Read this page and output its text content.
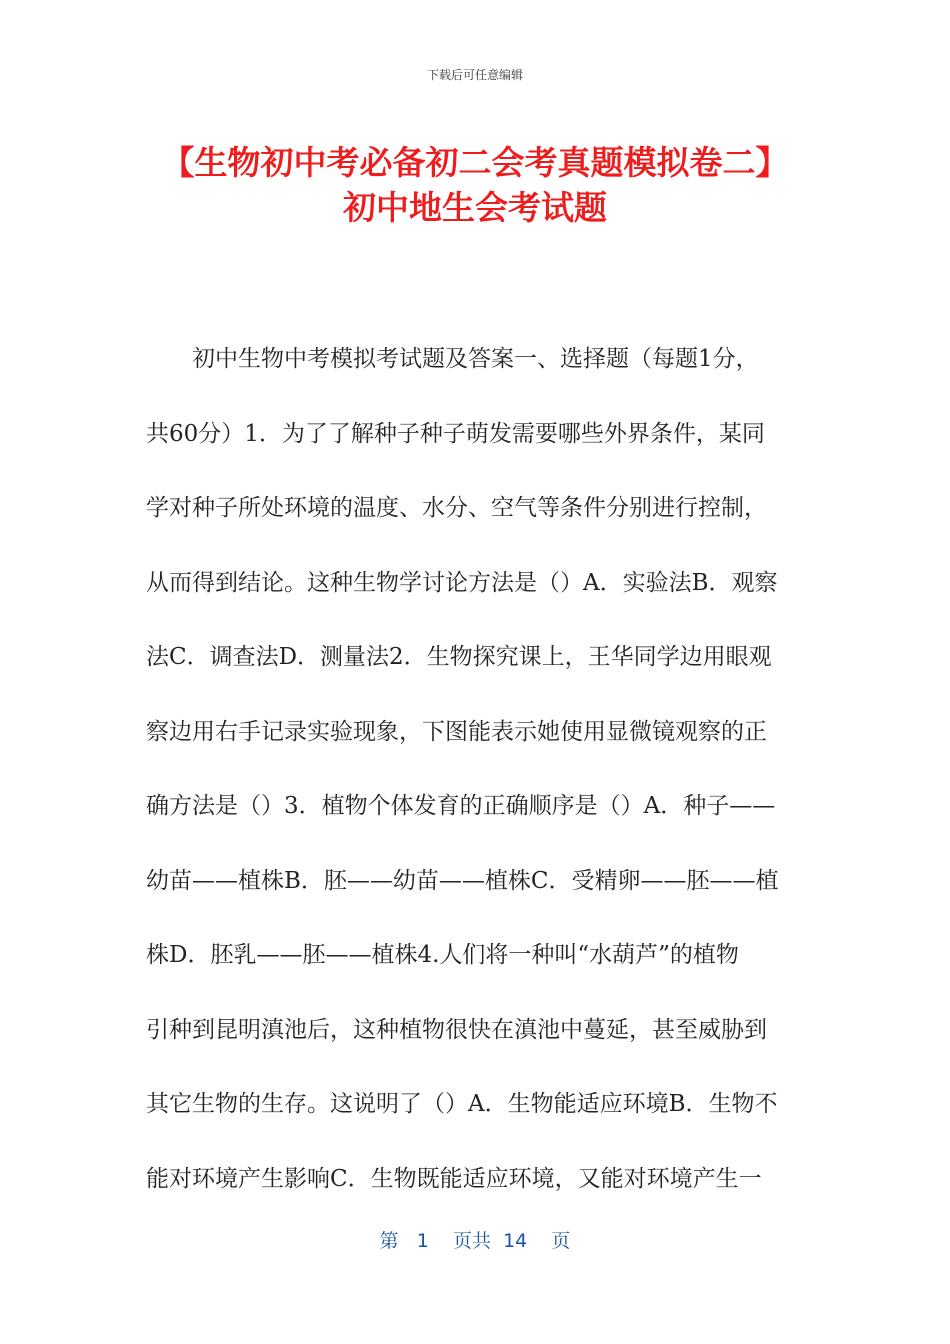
下载后可任意编辑
【生物初中考必备初二会考真题模拟卷二】
初中地生会考试题
初中生物中考模拟考试题及答案一、选择题（每题1分，
共60分）1．为了了解种子种子萌发需要哪些外界条件，某同
学对种子所处环境的温度、水分、空气等条件分别进行控制，
从而得到结论。这种生物学讨论方法是（）A．实验法B．观察
法C．调查法D．测量法2．生物探究课上，王华同学边用眼观
察边用右手记录实验现象，下图能表示她使用显微镜观察的正
确方法是（）3．植物个体发育的正确顺序是（）A．种子——
幼苗——植株B．胚——幼苗——植株C．受精卵——胚——植
株D．胚乳——胚——植株4.人们将一种叫“水葫芦”的植物
引种到昆明滇池后，这种植物很快在滇池中蔓延，甚至威胁到
其它生物的生存。这说明了（）A．生物能适应环境B．生物不
能对环境产生影响C．生物既能适应环境，又能对环境产生一
第 1 页共 14 页
